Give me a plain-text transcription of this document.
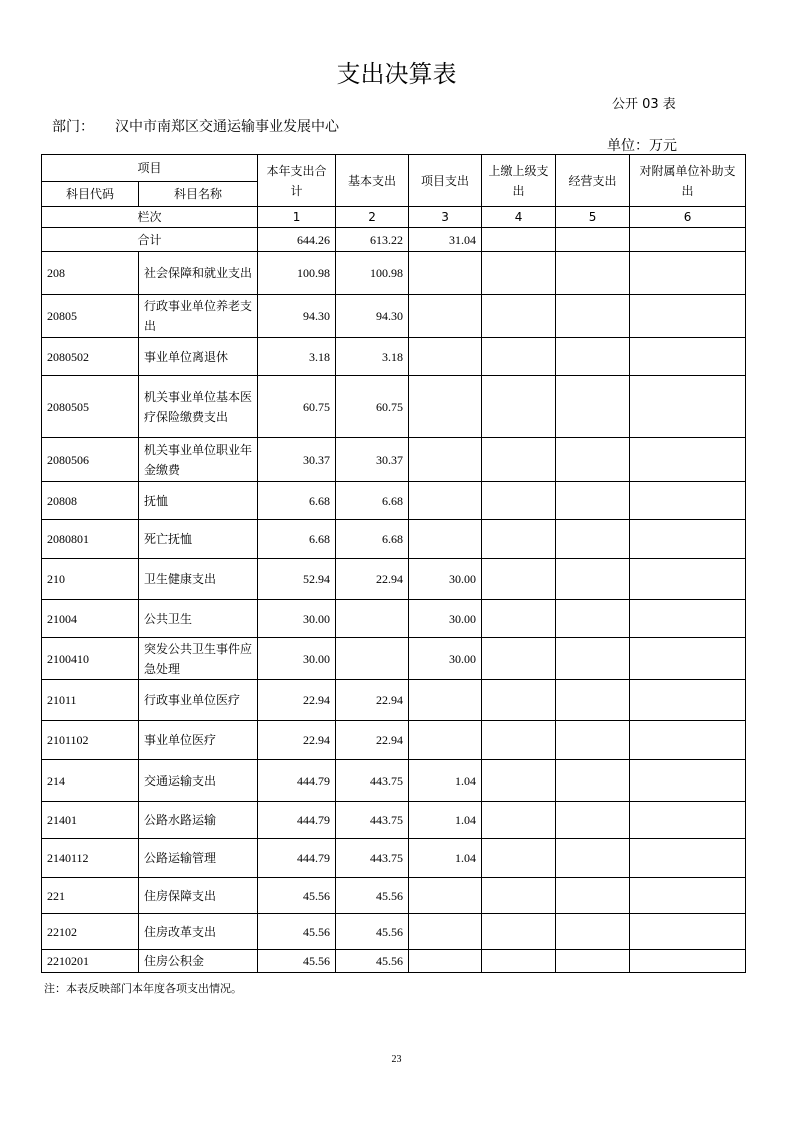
支出决算表
公开 03 表
部门： 汉中市南郑区交通运输事业发展中心
单位：万元
项目		本年支出合计	基本支出	项目支出	上缴上级支出	经营支出	对附属单位补助支出
科目代码	科目名称						
栏次		1	2	3	4	5	6
合计		644.26	613.22	31.04			
208	社会保障和就业支出	100.98	100.98				
20805	行政事业单位养老支出	94.30	94.30				
2080502	事业单位离退休	3.18	3.18				
2080505	机关事业单位基本医疗保险缴费支出	60.75	60.75				
2080506	机关事业单位职业年金缴费	30.37	30.37				
20808	抚恤	6.68	6.68				
2080801	死亡抚恤	6.68	6.68				
210	卫生健康支出	52.94	22.94	30.00			
21004	公共卫生	30.00		30.00			
2100410	突发公共卫生事件应急处理	30.00		30.00			
21011	行政事业单位医疗	22.94	22.94				
2101102	事业单位医疗	22.94	22.94				
214	交通运输支出	444.79	443.75	1.04			
21401	公路水路运输	444.79	443.75	1.04			
2140112	公路运输管理	444.79	443.75	1.04			
221	住房保障支出	45.56	45.56				
22102	住房改革支出	45.56	45.56				
2210201	住房公积金	45.56	45.56				
注：本表反映部门本年度各项支出情况。
23
